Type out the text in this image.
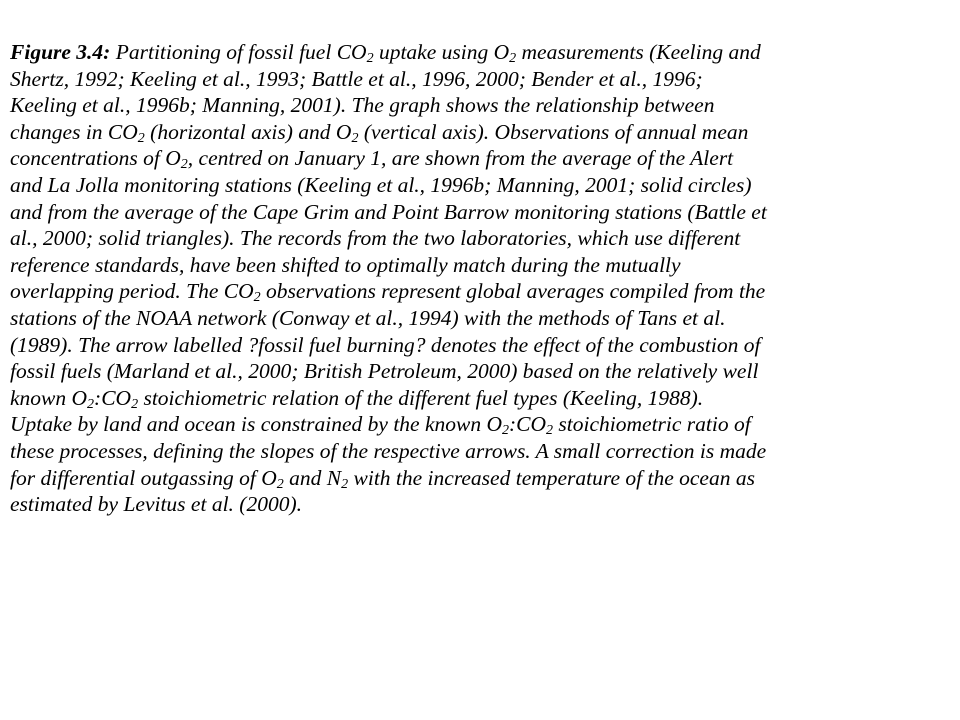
Figure 3.4: Partitioning of fossil fuel $CO_2$ uptake using $O_2$ measurements (Keeling and
Shertz, 1992; Keeling et al., 1993; Battle et al., 1996, 2000; Bender et al., 1996;
Keeling et al., 1996b; Manning, 2001). The graph shows the relationship between
changes in $CO_2$ (horizontal axis) and $O_2$ (vertical axis). Observations of annual mean
concentrations of $O_2$, centred on January 1, are shown from the average of the Alert
and La Jolla monitoring stations (Keeling et al., 1996b; Manning, 2001; solid circles)
and from the average of the Cape Grim and Point Barrow monitoring stations (Battle et
al., 2000; solid triangles). The records from the two laboratories, which use different
reference standards, have been shifted to optimally match during the mutually
overlapping period. The $CO_2$ observations represent global averages compiled from the
stations of the NOAA network (Conway et al., 1994) with the methods of Tans et al.
(1989). The arrow labelled ?fossil fuel burning? denotes the effect of the combustion of
fossil fuels (Marland et al., 2000; British Petroleum, 2000) based on the relatively well
known $O_2:CO_2$ stoichiometric relation of the different fuel types (Keeling, 1988).
Uptake by land and ocean is constrained by the known $O_2:CO_2$ stoichiometric ratio of
these processes, defining the slopes of the respective arrows. A small correction is made
for differential outgassing of $O_2$ and $N_2$ with the increased temperature of the ocean as
estimated by Levitus et al. (2000).
